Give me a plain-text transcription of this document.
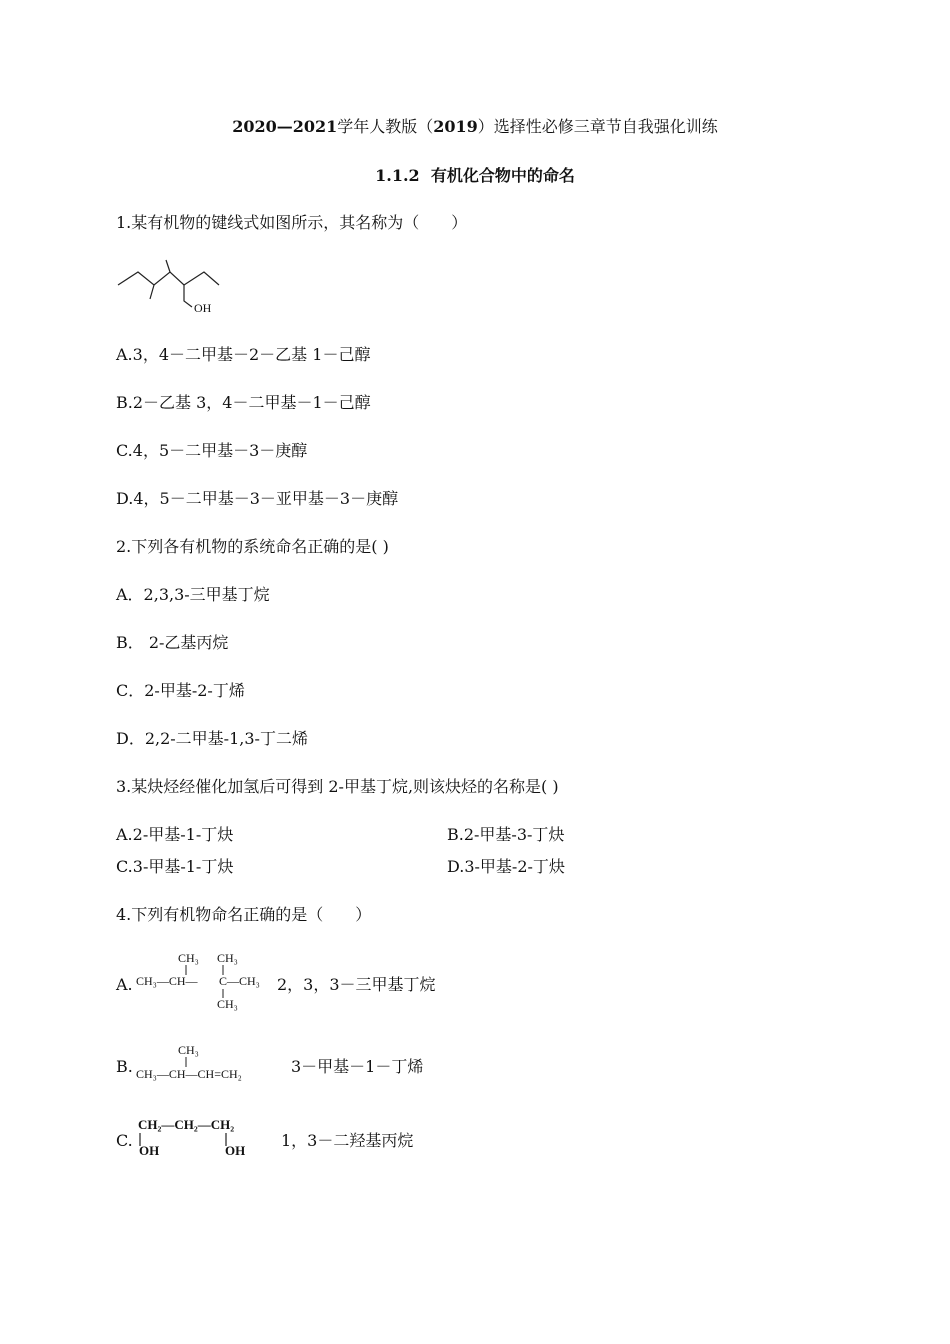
2020—2021学年人教版（2019）选择性必修三章节自我强化训练
1.1.2 有机化合物中的命名
1.某有机物的键线式如图所示，其名称为（　　）
OH
A.3，4－二甲基－2－乙基 1－己醇
B.2－乙基 3，4－二甲基－1－己醇
C.4，5－二甲基－3－庚醇
D.4，5－二甲基－3－亚甲基－3－庚醇
2.下列各有机物的系统命名正确的是( )
A．2,3,3-三甲基丁烷
B． 2-乙基丙烷
C．2-甲基-2-丁烯
D．2,2-二甲基-1,3-丁二烯
3.某炔烃经催化加氢后可得到 2-甲基丁烷,则该炔烃的名称是( )
A.2-甲基-1-丁炔	B.2-甲基-3-丁炔
C.3-甲基-1-丁炔	D.3-甲基-2-丁炔
4.下列有机物命名正确的是（　　）
A.
CH₃ CH₃
CH₃—CH— C —CH₃
CH₃
2，3，3－三甲基丁烷
B.
CH₃
CH₃—CH—CH=CH₂	3－甲基－1－丁烯
C.
CH₂—CH₂—CH₂
OH	OH
1，3－二羟基丙烷
